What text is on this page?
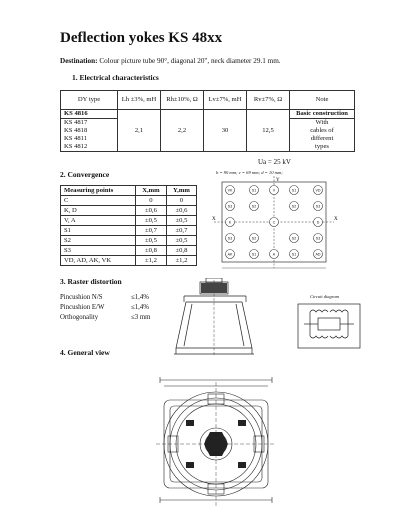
Deflection yokes KS 48xx
Destination: Colour picture tube 90°, diagonal 20", neck diameter 29.1 mm.
1. Electrical characteristics
DY type	Lh ±3%, mH	Rh±10%, Ω	Lv±7%, mH	Rv±7%, Ω	Note
KS 4816	2,1	2,2	30	12,5	Basic construction
KS 4817					With cables of different types
KS 4818					
KS 4811					
KS 4812					
Ua = 25 kV
2. Convergence
Measuring points	X,mm	Y,mm
C	0	0
K, D	±0,6	±0,6
V, A	±0,5	±0,5
S1	±0,7	±0,7
S2	±0,5	±0,5
S3	±0,8	±0,8
VD, AD, AK, VK	±1,2	±1,2
b = 90 mm; c = 69 mm; d = 10 mm;
VK	S1	V	S1	VD
S3	S2	S2	S3
K	C	D
S3	S2	S2	S3
AK	S1	A	S1	AD
X	X
Y
3. Raster distortion
Pincushion N/S	≤1,4%
Pincushion E/W	≤1,4%
Orthogonality	≤3 mm
Circuit diagram
4. General view
